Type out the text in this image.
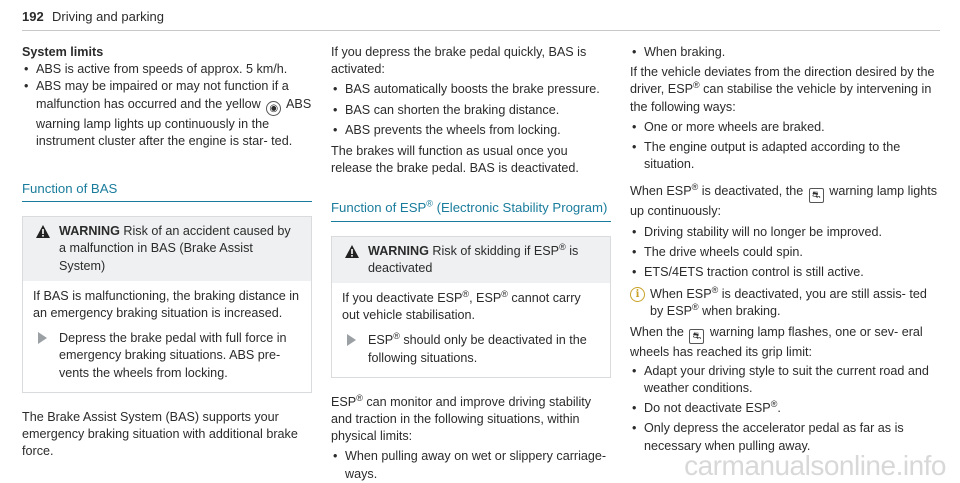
192 Driving and parking

System limits

• ABS is active from speeds of approx. 5 km/h.
• ABS may be impaired or may not function if a malfunction has occurred and the yellow ◉ ABS warning lamp lights up continuously in the instrument cluster after the engine is star- ted.
Function of BAS
WARNING Risk of an accident caused by a malfunction in BAS (Brake Assist System)

If BAS is malfunctioning, the braking distance in an emergency braking situation is increased.

Depress the brake pedal with full force in emergency braking situations. ABS pre- vents the wheels from locking.

The Brake Assist System (BAS) supports your emergency braking situation with additional brake force.

If you depress the brake pedal quickly, BAS is activated:

• BAS automatically boosts the brake pressure.
• BAS can shorten the braking distance.
• ABS prevents the wheels from locking.

The brakes will function as usual once you release the brake pedal. BAS is deactivated.

Function of ESP® (Electronic Stability Program)
WARNING Risk of skidding if ESP® is deactivated

If you deactivate ESP®, ESP® cannot carry out vehicle stabilisation.

ESP® should only be deactivated in the following situations.

ESP® can monitor and improve driving stability and traction in the following situations, within physical limits:

• When pulling away on wet or slippery carriage- ways.
• When braking.

If the vehicle deviates from the direction desired by the driver, ESP® can stabilise the vehicle by intervening in the following ways:

• One or more wheels are braked.
• The engine output is adapted according to the situation.

When ESP® is deactivated, the ⛐ warning lamp lights up continuously:

• Driving stability will no longer be improved.
• The drive wheels could spin.
• ETS/4ETS traction control is still active.
i When ESP® is deactivated, you are still assis- ted by ESP® when braking.

When the ⛐ warning lamp flashes, one or sev- eral wheels has reached its grip limit:

• Adapt your driving style to suit the current road and weather conditions.
• Do not deactivate ESP®.
• Only depress the accelerator pedal as far as is necessary when pulling away.
carmanualsonline.info
